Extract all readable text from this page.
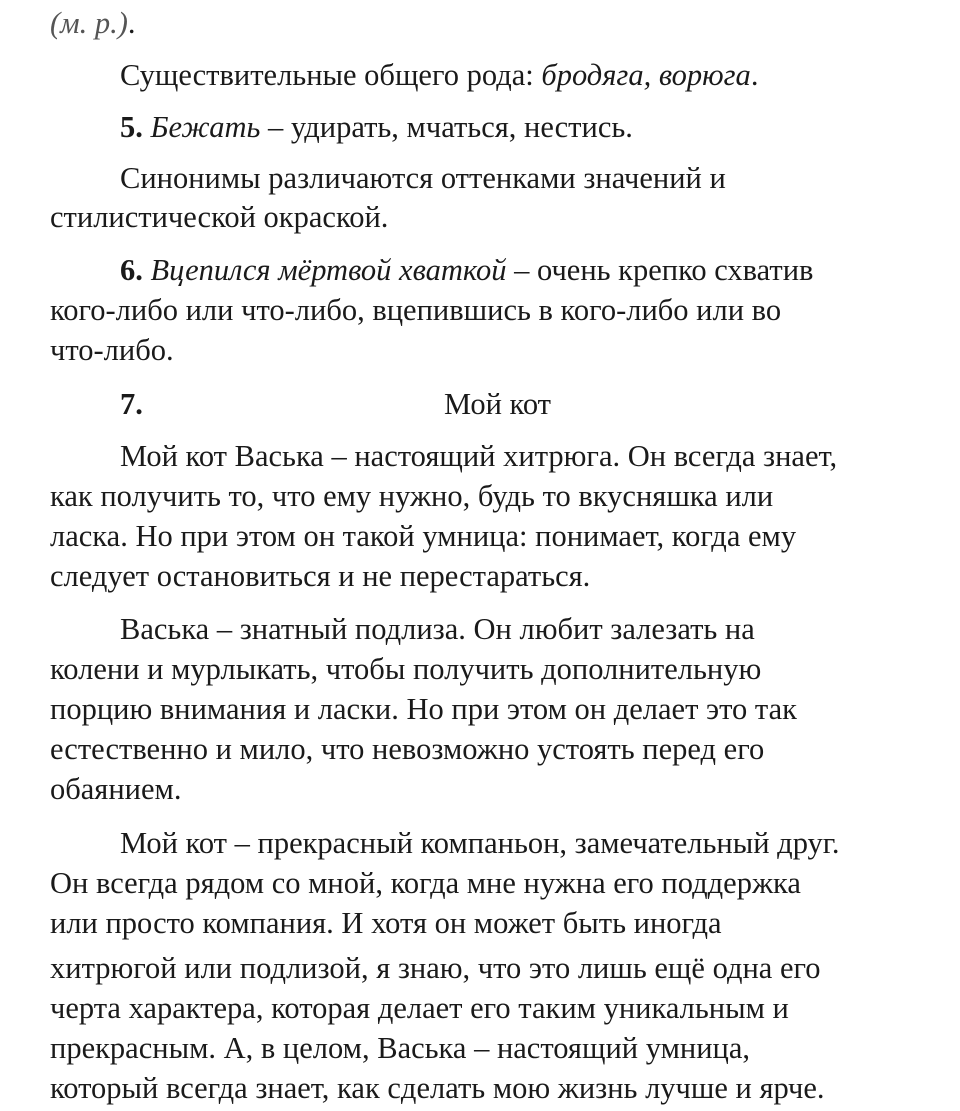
(м. р.).
Существительные общего рода: бродяга, ворюга.
5. Бежать – удирать, мчаться, нестись.
Синонимы различаются оттенками значений и
стилистической окраской.
6. Вцепился мёртвой хваткой – очень крепко схватив
кого-либо или что-либо, вцепившись в кого-либо или во
что-либо.
7.	Мой кот
Мой кот Васька – настоящий хитрюга. Он всегда знает,
как получить то, что ему нужно, будь то вкусняшка или
ласка. Но при этом он такой умница: понимает, когда ему
следует остановиться и не перестараться.
Васька – знатный подлиза. Он любит залезать на
колени и мурлыкать, чтобы получить дополнительную
порцию внимания и ласки. Но при этом он делает это так
естественно и мило, что невозможно устоять перед его
обаянием.
Мой кот – прекрасный компаньон, замечательный друг.
Он всегда рядом со мной, когда мне нужна его поддержка
или просто компания. И хотя он может быть иногда
хитрюгой или подлизой, я знаю, что это лишь ещё одна его
черта характера, которая делает его таким уникальным и
прекрасным. А, в целом, Васька – настоящий умница,
который всегда знает, как сделать мою жизнь лучше и ярче.
